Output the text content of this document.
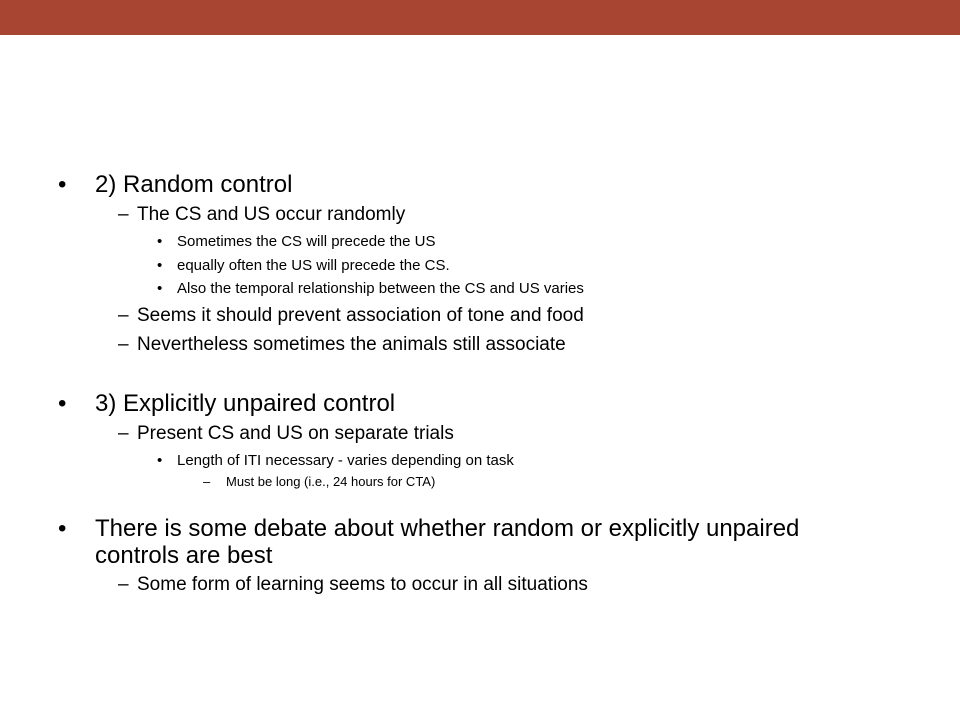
• 2) Random control
– The CS and US occur randomly
• Sometimes the CS will precede the US
• equally often the US will precede the CS.
• Also the temporal relationship between the CS and US varies
– Seems it should prevent association of tone and food
– Nevertheless sometimes the animals still associate
• 3) Explicitly unpaired control
– Present CS and US on separate trials
• Length of ITI necessary - varies depending on task
– Must be long (i.e., 24 hours for CTA)
• There is some debate about whether random or explicitly unpaired
controls are best
– Some form of learning seems to occur in all situations
